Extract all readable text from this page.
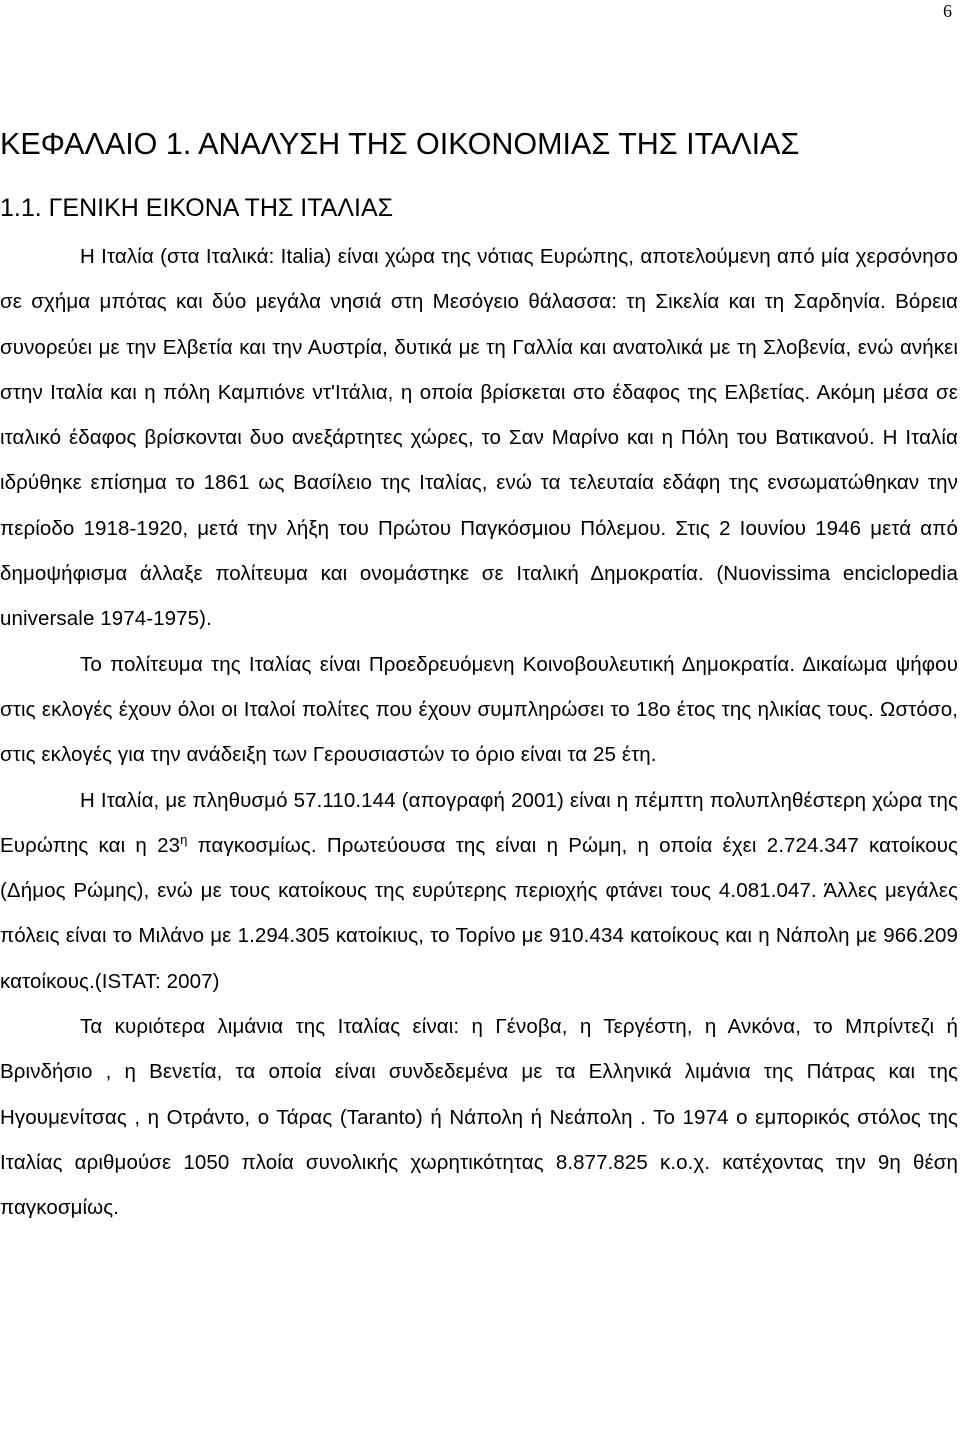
6
ΚΕΦΑΛΑΙΟ 1. ΑΝΑΛΥΣΗ ΤΗΣ ΟΙΚΟΝΟΜΙΑΣ ΤΗΣ ΙΤΑΛΙΑΣ
1.1. ΓΕΝΙΚΗ ΕΙΚΟΝΑ ΤΗΣ ΙΤΑΛΙΑΣ

Η Ιταλία (στα Ιταλικά: Italia) είναι χώρα της νότιας Ευρώπης, αποτελούμενη από μία χερσόνησο σε σχήμα μπότας και δύο μεγάλα νησιά στη Μεσόγειο θάλασσα: τη Σικελία και τη Σαρδηνία. Βόρεια συνορεύει με την Ελβετία και την Αυστρία, δυτικά με τη Γαλλία και ανατολικά με τη Σλοβενία, ενώ ανήκει στην Ιταλία και η πόλη Καμπιόνε ντ'Ιτάλια, η οποία βρίσκεται στο έδαφος της Ελβετίας. Ακόμη μέσα σε ιταλικό έδαφος βρίσκονται δυο ανεξάρτητες χώρες, το Σαν Μαρίνο και η Πόλη του Βατικανού. Η Ιταλία ιδρύθηκε επίσημα το 1861 ως Βασίλειο της Ιταλίας, ενώ τα τελευταία εδάφη της ενσωματώθηκαν την περίοδο 1918-1920, μετά την λήξη του Πρώτου Παγκόσμιου Πόλεμου. Στις 2 Ιουνίου 1946 μετά από δημοψήφισμα άλλαξε πολίτευμα και ονομάστηκε σε Ιταλική Δημοκρατία. (Nuovissima enciclopedia universale 1974-1975).

Το πολίτευμα της Ιταλίας είναι Προεδρευόμενη Κοινοβουλευτική Δημοκρατία. Δικαίωμα ψήφου στις εκλογές έχουν όλοι οι Ιταλοί πολίτες που έχουν συμπληρώσει το 18ο έτος της ηλικίας τους. Ωστόσο, στις εκλογές για την ανάδειξη των Γερουσιαστών το όριο είναι τα 25 έτη.

Η Ιταλία, με πληθυσμό 57.110.144 (απογραφή 2001) είναι η πέμπτη πολυπληθέστερη χώρα της Ευρώπης και η $23^\eta$ παγκοσμίως. Πρωτεύουσα της είναι η Ρώμη, η οποία έχει 2.724.347 κατοίκους (Δήμος Ρώμης), ενώ με τους κατοίκους της ευρύτερης περιοχής φτάνει τους 4.081.047. Άλλες μεγάλες πόλεις είναι το Μιλάνο με 1.294.305 κατοίκιυς, το Τορίνο με 910.434 κατοίκους και η Νάπολη με 966.209 κατοίκους.(ISTAT: 2007)

Τα κυριότερα λιμάνια της Ιταλίας είναι: η Γένοβα, η Τεργέστη, η Ανκόνα, το Μπρίντεζι ή Βρινδήσιο , η Βενετία, τα οποία είναι συνδεδεμένα με τα Ελληνικά λιμάνια της Πάτρας και της Ηγουμενίτσας , η Οτράντο, ο Τάρας (Taranto) ή Νάπολη ή Νεάπολη . Το 1974 ο εμπορικός στόλος της Ιταλίας αριθμούσε 1050 πλοία συνολικής χωρητικότητας 8.877.825 κ.ο.χ. κατέχοντας την 9η θέση παγκοσμίως.
